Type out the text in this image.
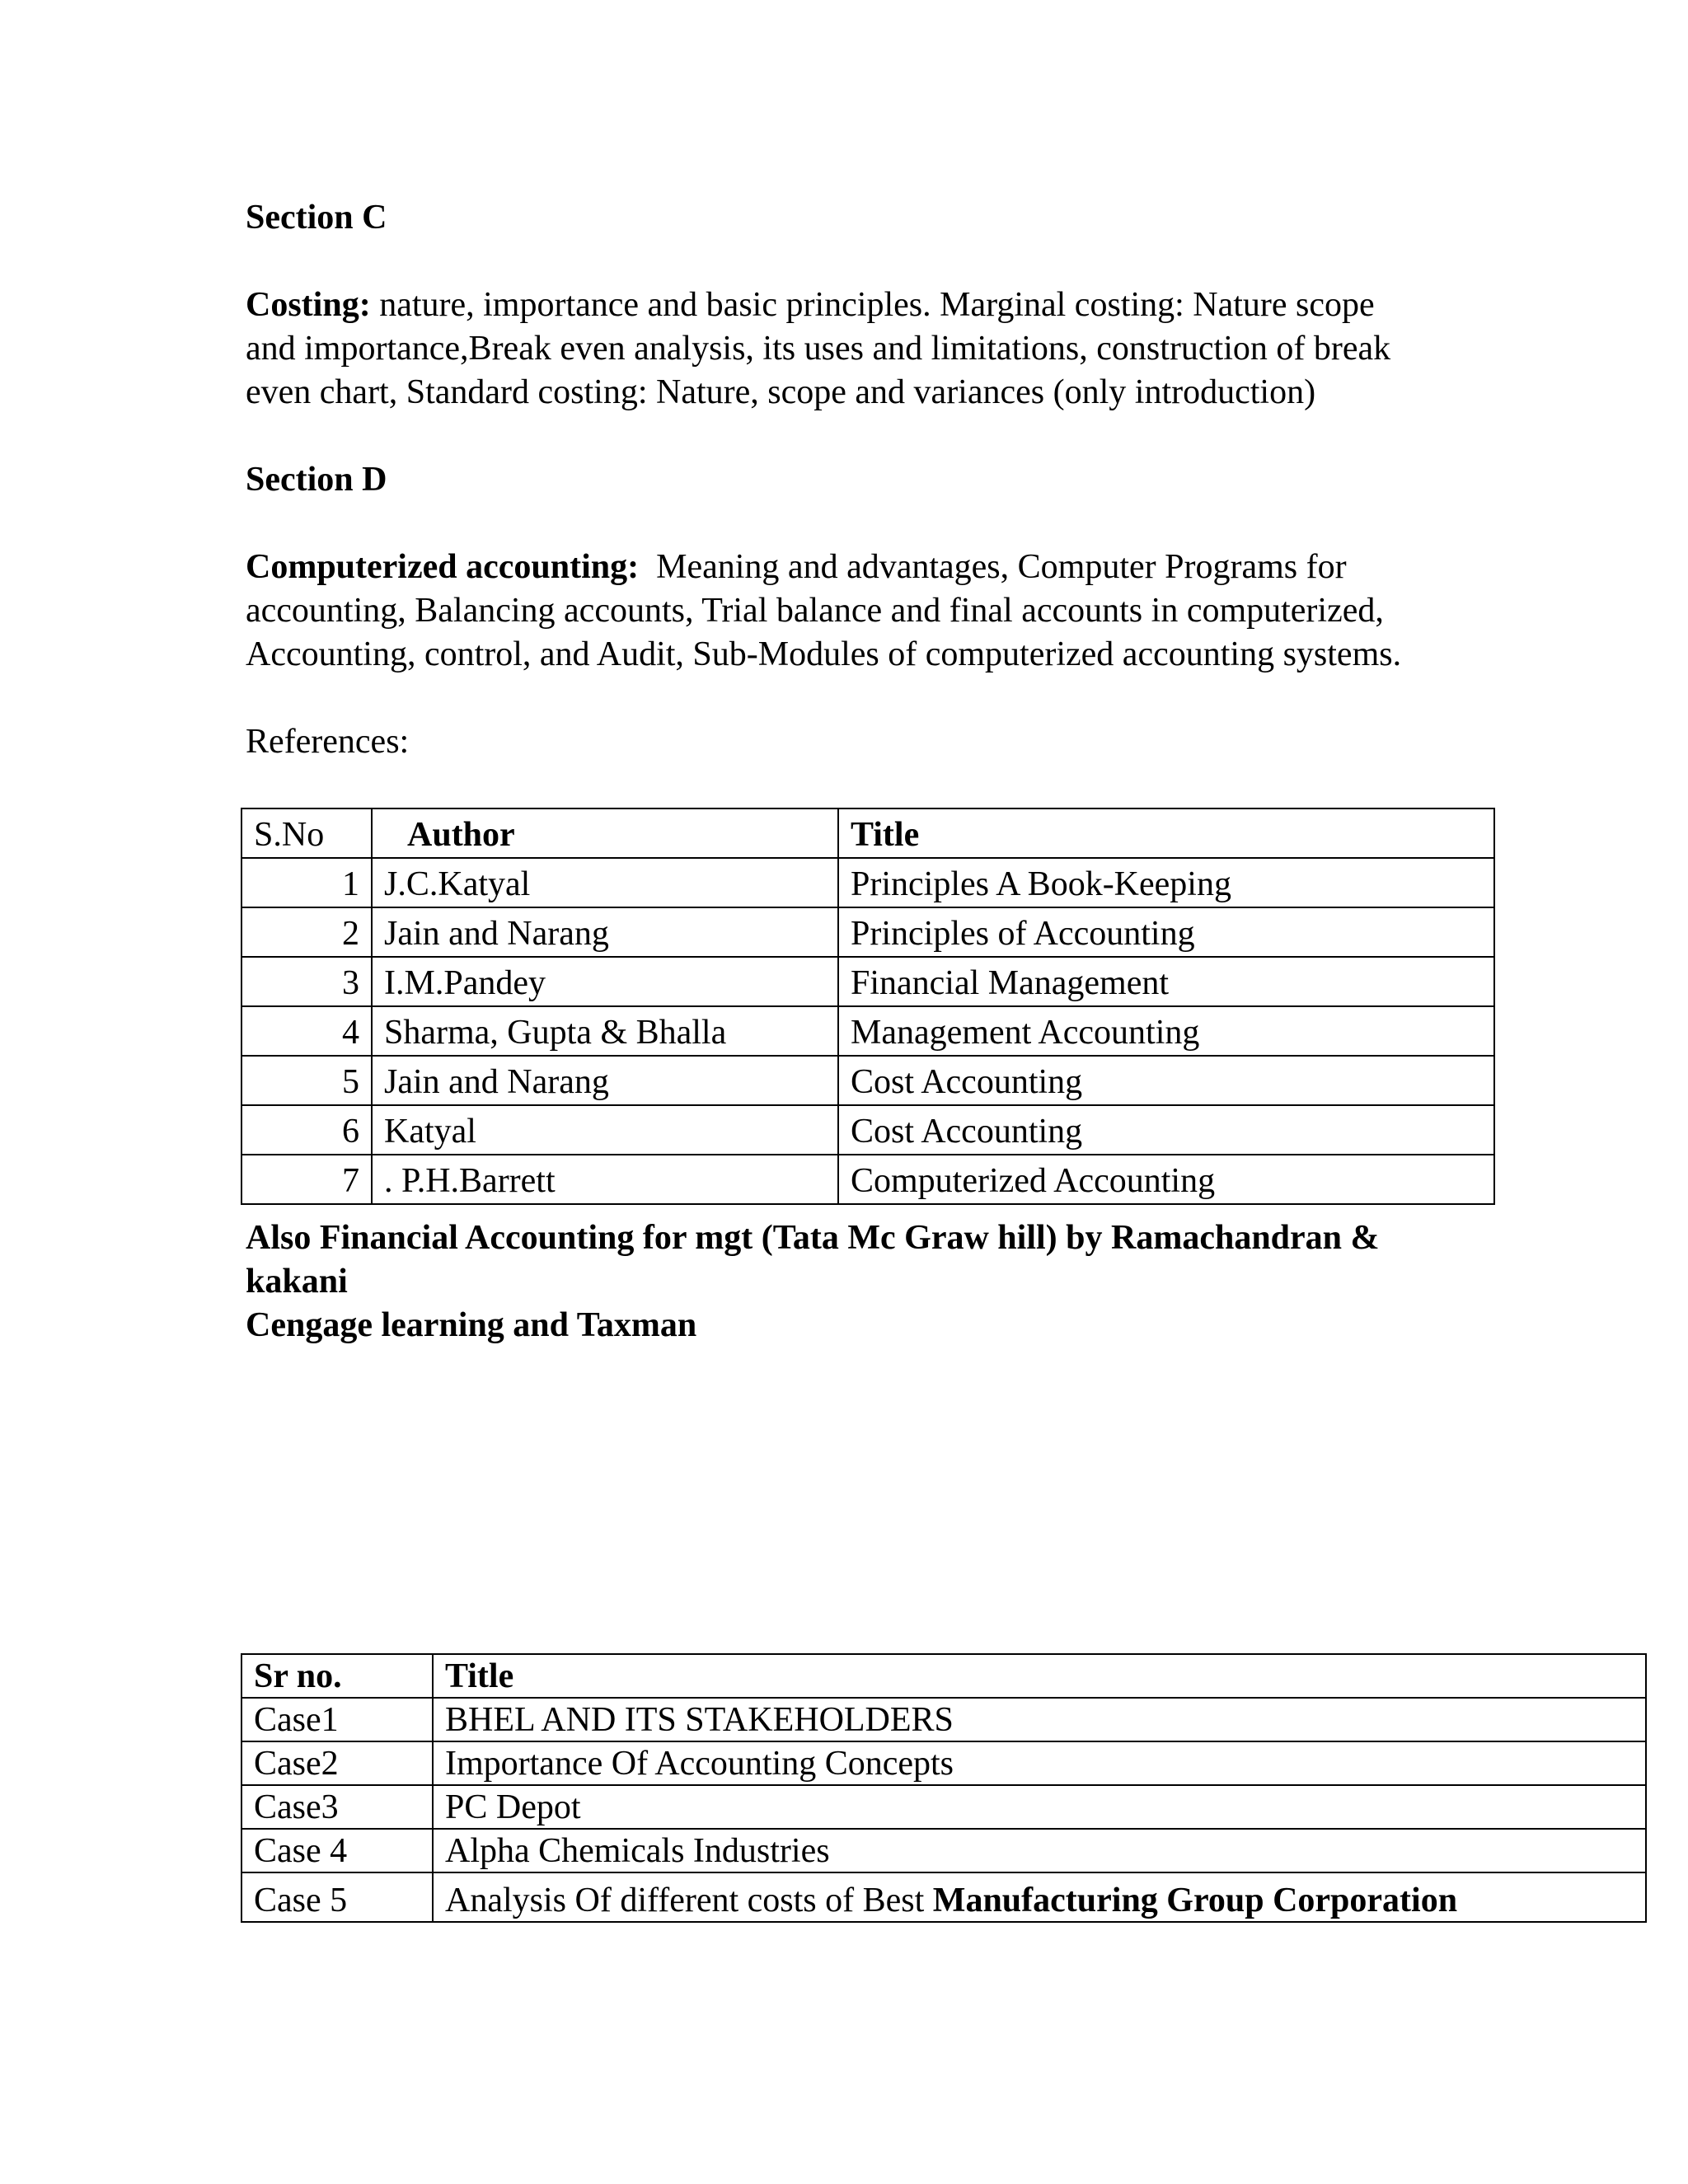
Section C
Costing: nature, importance and basic principles. Marginal costing: Nature scope
and importance,Break even analysis, its uses and limitations, construction of break
even chart, Standard costing: Nature, scope and variances (only introduction)
Section D
Computerized accounting:  Meaning and advantages, Computer Programs for
accounting, Balancing accounts, Trial balance and final accounts in computerized,
Accounting, control, and Audit, Sub-Modules of computerized accounting systems.
References:
S.No	Author	Title
1	J.C.Katyal	Principles A Book-Keeping
2	Jain and Narang	Principles of Accounting
3	I.M.Pandey	Financial Management
4	Sharma, Gupta & Bhalla	Management Accounting
5	Jain and Narang	Cost Accounting
6	Katyal	Cost Accounting
7	. P.H.Barrett	Computerized Accounting
Also Financial Accounting for mgt (Tata Mc Graw hill) by Ramachandran &
kakani
Cengage learning and Taxman
Sr no.	Title
Case1	BHEL AND ITS STAKEHOLDERS
Case2	Importance Of Accounting Concepts
Case3	PC Depot
Case 4	Alpha Chemicals Industries
Case 5	Analysis Of different costs of Best Manufacturing Group Corporation
